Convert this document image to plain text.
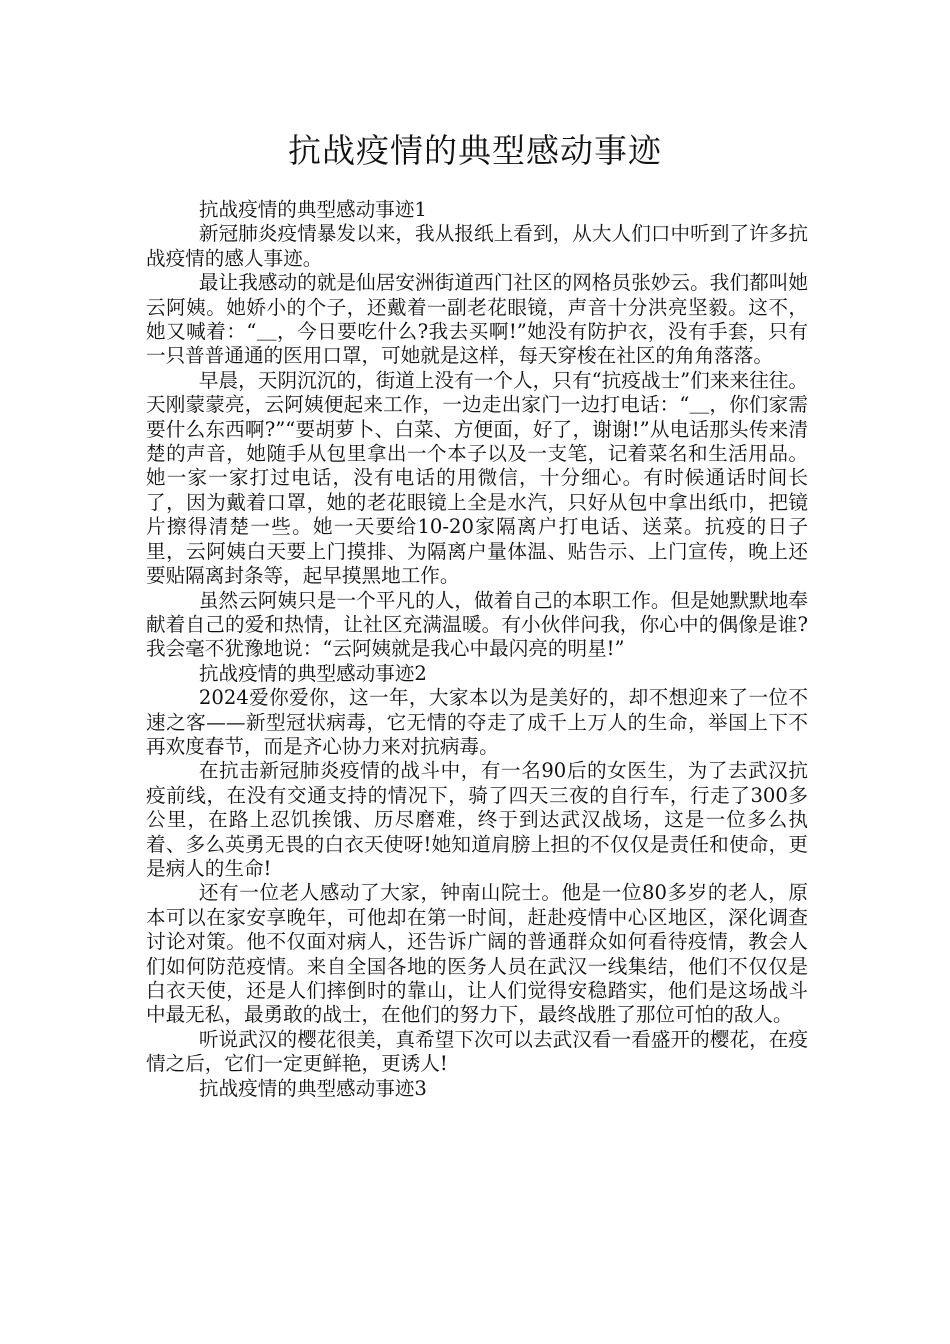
抗战疫情的典型感动事迹

抗战疫情的典型感动事迹1

新冠肺炎疫情暴发以来，我从报纸上看到，从大人们口中听到了许多抗战疫情的感人事迹。

最让我感动的就是仙居安洲街道西门社区的网格员张妙云。我们都叫她云阿姨。她娇小的个子，还戴着一副老花眼镜，声音十分洪亮坚毅。这不，她又喊着：“＿，今日要吃什么?我去买啊!”她没有防护衣，没有手套，只有一只普普通通的医用口罩，可她就是这样，每天穿梭在社区的角角落落。

早晨，天阴沉沉的，街道上没有一个人，只有“抗疫战士”们来来往往。天刚蒙蒙亮，云阿姨便起来工作，一边走出家门一边打电话：“＿，你们家需要什么东西啊?”“要胡萝卜、白菜、方便面，好了，谢谢!”从电话那头传来清楚的声音，她随手从包里拿出一个本子以及一支笔，记着菜名和生活用品。她一家一家打过电话，没有电话的用微信，十分细心。有时候通话时间长了，因为戴着口罩，她的老花眼镜上全是水汽，只好从包中拿出纸巾，把镜片擦得清楚一些。她一天要给10-20家隔离户打电话、送菜。抗疫的日子里，云阿姨白天要上门摸排、为隔离户量体温、贴告示、上门宣传，晚上还要贴隔离封条等，起早摸黑地工作。

虽然云阿姨只是一个平凡的人，做着自己的本职工作。但是她默默地奉献着自己的爱和热情，让社区充满温暖。有小伙伴问我，你心中的偶像是谁?我会毫不犹豫地说：“云阿姨就是我心中最闪亮的明星!”

抗战疫情的典型感动事迹2

2024爱你爱你，这一年，大家本以为是美好的，却不想迎来了一位不速之客——新型冠状病毒，它无情的夺走了成千上万人的生命，举国上下不再欢度春节，而是齐心协力来对抗病毒。

在抗击新冠肺炎疫情的战斗中，有一名90后的女医生，为了去武汉抗疫前线，在没有交通支持的情况下，骑了四天三夜的自行车，行走了300多公里，在路上忍饥挨饿、历尽磨难，终于到达武汉战场，这是一位多么执着、多么英勇无畏的白衣天使呀!她知道肩膀上担的不仅仅是责任和使命，更是病人的生命!

还有一位老人感动了大家，钟南山院士。他是一位80多岁的老人，原本可以在家安享晚年，可他却在第一时间，赶赴疫情中心区地区，深化调查讨论对策。他不仅面对病人，还告诉广阔的普通群众如何看待疫情，教会人们如何防范疫情。来自全国各地的医务人员在武汉一线集结，他们不仅仅是白衣天使，还是人们摔倒时的靠山，让人们觉得安稳踏实，他们是这场战斗中最无私，最勇敢的战士，在他们的努力下，最终战胜了那位可怕的敌人。

听说武汉的樱花很美，真希望下次可以去武汉看一看盛开的樱花，在疫情之后，它们一定更鲜艳，更诱人!

抗战疫情的典型感动事迹3
